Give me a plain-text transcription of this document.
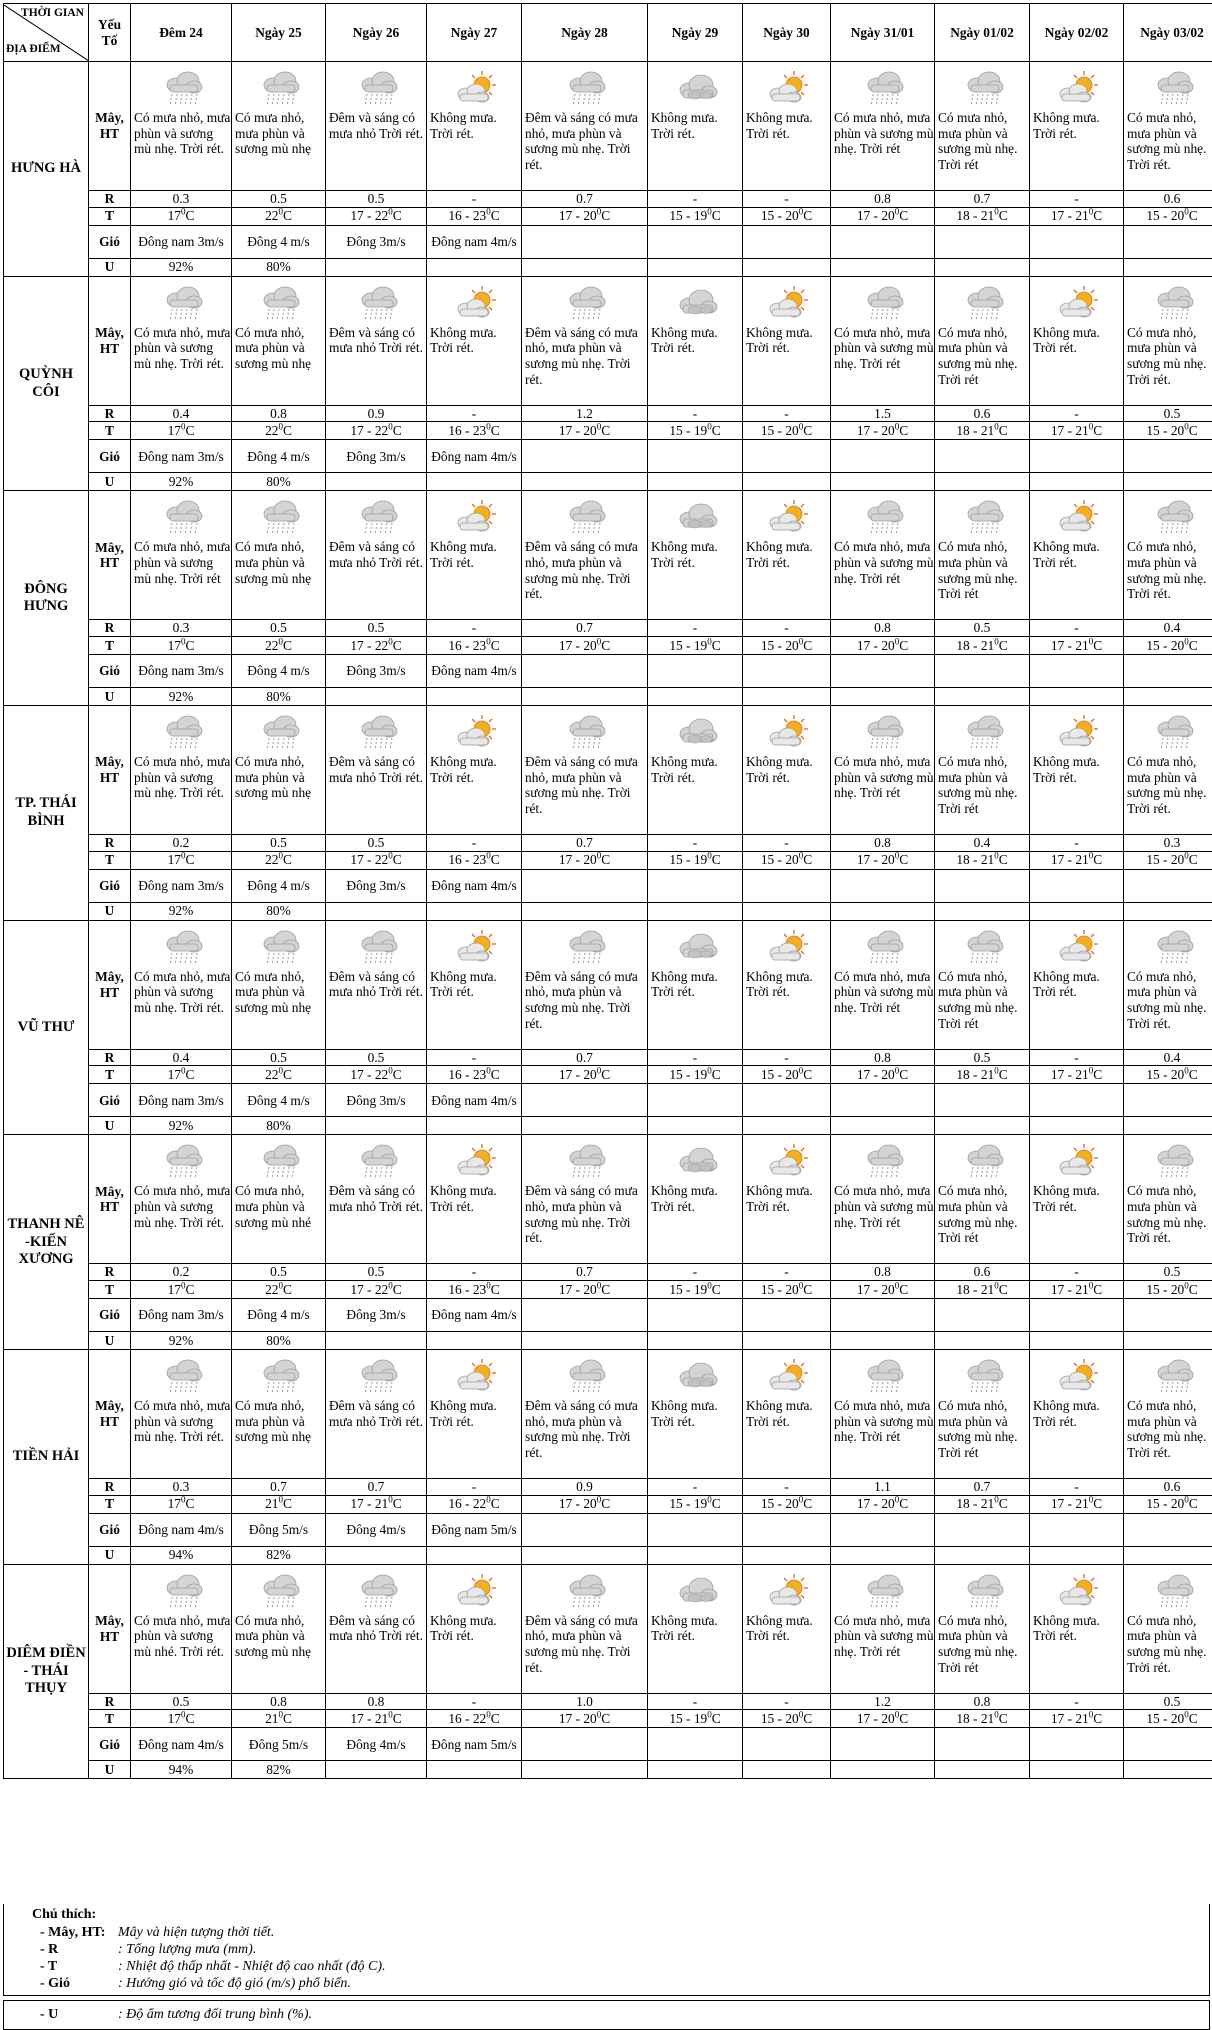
THỜI GIAN
ĐỊA ĐIỂM	Yếu Tố	Đêm 24	Ngày 25	Ngày 26	Ngày 27	Ngày 28	Ngày 29	Ngày 30	Ngày 31/01	Ngày 01/02	Ngày 02/02	Ngày 03/02
HƯNG HÀ	Mây, HT	Có mưa nhỏ, mưa phùn và sương mù nhẹ. Trời rét.	Có mưa nhỏ, mưa phùn và sương mù nhẹ	Đêm và sáng có mưa nhỏ Trời rét.	Không mưa. Trời rét.	Đêm và sáng có mưa nhỏ, mưa phùn và sương mù nhẹ. Trời rét.	Không mưa. Trời rét.	Không mưa. Trời rét.	Có mưa nhỏ, mưa phùn và sương mù nhẹ. Trời rét	Có mưa nhỏ, mưa phùn và sương mù nhẹ. Trời rét	Không mưa. Trời rét.	Có mưa nhỏ, mưa phùn và sương mù nhẹ. Trời rét.

	R	0.3	0.5	0.5	-	0.7	-	-	0.8	0.7	-	0.6
	T	$17^0C$	$22^0C$	$17 - 22^0C$	$16 - 23^0C$	$17 - 20^0C$	$15 - 19^0C$	$15 - 20^0C$	$17 - 20^0C$	$18 - 21^0C$	$17 - 21^0C$	$15 - 20^0C$
	Gió	Đông nam 3m/s	Đông 4 m/s	Đông 3m/s	Đông nam 4m/s							
	U	92%	80%									
QUỲNH CÔI	Mây, HT	Có mưa nhỏ, mưa phùn và sương mù nhẹ. Trời rét.	Có mưa nhỏ, mưa phùn và sương mù nhẹ	Đêm và sáng có mưa nhỏ Trời rét.	Không mưa. Trời rét.	Đêm và sáng có mưa nhỏ, mưa phùn và sương mù nhẹ. Trời rét.	Không mưa. Trời rét.	Không mưa. Trời rét.	Có mưa nhỏ, mưa phùn và sương mù nhẹ. Trời rét	Có mưa nhỏ, mưa phùn và sương mù nhẹ. Trời rét	Không mưa. Trời rét.	Có mưa nhỏ, mưa phùn và sương mù nhẹ. Trời rét.

	R	0.4	0.8	0.9	-	1.2	-	-	1.5	0.6	-	0.5
	T	$17^0C$	$22^0C$	$17 - 22^0C$	$16 - 23^0C$	$17 - 20^0C$	$15 - 19^0C$	$15 - 20^0C$	$17 - 20^0C$	$18 - 21^0C$	$17 - 21^0C$	$15 - 20^0C$
	Gió	Đông nam 3m/s	Đông 4 m/s	Đông 3m/s	Đông nam 4m/s							
	U	92%	80%									
ĐÔNG HƯNG	Mây, HT	Có mưa nhỏ, mưa phùn và sương mù nhẹ. Trời rét	Có mưa nhỏ, mưa phùn và sương mù nhẹ	Đêm và sáng có mưa nhỏ Trời rét.	Không mưa. Trời rét.	Đêm và sáng có mưa nhỏ, mưa phùn và sương mù nhẹ. Trời rét.	Không mưa. Trời rét.	Không mưa. Trời rét.	Có mưa nhỏ, mưa phùn và sương mù nhẹ. Trời rét	Có mưa nhỏ, mưa phùn và sương mù nhẹ. Trời rét	Không mưa. Trời rét.	Có mưa nhỏ, mưa phùn và sương mù nhẹ. Trời rét.

	R	0.3	0.5	0.5	-	0.7	-	-	0.8	0.5	-	0.4
	T	$17^0C$	$22^0C$	$17 - 22^0C$	$16 - 23^0C$	$17 - 20^0C$	$15 - 19^0C$	$15 - 20^0C$	$17 - 20^0C$	$18 - 21^0C$	$17 - 21^0C$	$15 - 20^0C$
	Gió	Đông nam 3m/s	Đông 4 m/s	Đông 3m/s	Đông nam 4m/s							
	U	92%	80%									
TP. THÁI BÌNH	Mây, HT	Có mưa nhỏ, mưa phùn và sương mù nhẹ. Trời rét.	Có mưa nhỏ, mưa phùn và sương mù nhẹ	Đêm và sáng có mưa nhỏ Trời rét.	Không mưa. Trời rét.	Đêm và sáng có mưa nhỏ, mưa phùn và sương mù nhẹ. Trời rét.	Không mưa. Trời rét.	Không mưa. Trời rét.	Có mưa nhỏ, mưa phùn và sương mù nhẹ. Trời rét	Có mưa nhỏ, mưa phùn và sương mù nhẹ. Trời rét	Không mưa. Trời rét.	Có mưa nhỏ, mưa phùn và sương mù nhẹ. Trời rét.

	R	0.2	0.5	0.5	-	0.7	-	-	0.8	0.4	-	0.3
	T	$17^0C$	$22^0C$	$17 - 22^0C$	$16 - 23^0C$	$17 - 20^0C$	$15 - 19^0C$	$15 - 20^0C$	$17 - 20^0C$	$18 - 21^0C$	$17 - 21^0C$	$15 - 20^0C$
	Gió	Đông nam 3m/s	Đông 4 m/s	Đông 3m/s	Đông nam 4m/s							
	U	92%	80%									
VŨ THƯ	Mây, HT	Có mưa nhỏ, mưa phùn và sương mù nhẹ. Trời rét.	Có mưa nhỏ, mưa phùn và sương mù nhẹ	Đêm và sáng có mưa nhỏ Trời rét.	Không mưa. Trời rét.	Đêm và sáng có mưa nhỏ, mưa phùn và sương mù nhẹ. Trời rét.	Không mưa. Trời rét.	Không mưa. Trời rét.	Có mưa nhỏ, mưa phùn và sương mù nhẹ. Trời rét	Có mưa nhỏ, mưa phùn và sương mù nhẹ. Trời rét	Không mưa. Trời rét.	Có mưa nhỏ, mưa phùn và sương mù nhẹ. Trời rét.

	R	0.4	0.5	0.5	-	0.7	-	-	0.8	0.5	-	0.4
	T	$17^0C$	$22^0C$	$17 - 22^0C$	$16 - 23^0C$	$17 - 20^0C$	$15 - 19^0C$	$15 - 20^0C$	$17 - 20^0C$	$18 - 21^0C$	$17 - 21^0C$	$15 - 20^0C$
	Gió	Đông nam 3m/s	Đông 4 m/s	Đông 3m/s	Đông nam 4m/s							
	U	92%	80%									
THANH NÊ -KIẾN XƯƠNG	Mây, HT	Có mưa nhỏ, mưa phùn và sương mù nhẹ. Trời rét.	Có mưa nhỏ, mưa phùn và sương mù nhé	Đêm và sáng có mưa nhỏ Trời rét.	Không mưa. Trời rét.	Đêm và sáng có mưa nhỏ, mưa phùn và sương mù nhẹ. Trời rét.	Không mưa. Trời rét.	Không mưa. Trời rét.	Có mưa nhỏ, mưa phùn và sương mù nhẹ. Trời rét	Có mưa nhỏ, mưa phùn và sương mù nhẹ. Trời rét	Không mưa. Trời rét.	Có mưa nhỏ, mưa phùn và sương mù nhẹ. Trời rét.

	R	0.2	0.5	0.5	-	0.7	-	-	0.8	0.6	-	0.5
	T	$17^0C$	$22^0C$	$17 - 22^0C$	$16 - 23^0C$	$17 - 20^0C$	$15 - 19^0C$	$15 - 20^0C$	$17 - 20^0C$	$18 - 21^0C$	$17 - 21^0C$	$15 - 20^0C$
	Gió	Đông nam 3m/s	Đông 4 m/s	Đông 3m/s	Đông nam 4m/s							
	U	92%	80%									
TIỀN HẢI	Mây, HT	Có mưa nhỏ, mưa phùn và sương mù nhẹ. Trời rét.	Có mưa nhỏ, mưa phùn và sương mù nhẹ	Đêm và sáng có mưa nhỏ Trời rét.	Không mưa. Trời rét.	Đêm và sáng có mưa nhỏ, mưa phùn và sương mù nhẹ. Trời rét.	Không mưa. Trời rét.	Không mưa. Trời rét.	Có mưa nhỏ, mưa phùn và sương mù nhẹ. Trời rét	Có mưa nhỏ, mưa phùn và sương mù nhẹ. Trời rét	Không mưa. Trời rét.	Có mưa nhỏ, mưa phùn và sương mù nhẹ. Trời rét.

	R	0.3	0.7	0.7	-	0.9	-	-	1.1	0.7	-	0.6
	T	$17^0C$	$21^0C$	$17 - 21^0C$	$16 - 22^0C$	$17 - 20^0C$	$15 - 19^0C$	$15 - 20^0C$	$17 - 20^0C$	$18 - 21^0C$	$17 - 21^0C$	$15 - 20^0C$
	Gió	Đông nam 4m/s	Đông 5m/s	Đông 4m/s	Đông nam 5m/s							
	U	94%	82%									
DIÊM ĐIỀN - THÁI THỤY	Mây, HT	Có mưa nhỏ, mưa phùn và sương mù nhé. Trời rét.	Có mưa nhỏ, mưa phùn và sương mù nhẹ	Đêm và sáng có mưa nhỏ Trời rét.	Không mưa. Trời rét.	Đêm và sáng có mưa nhỏ, mưa phùn và sương mù nhẹ. Trời rét.	Không mưa. Trời rét.	Không mưa. Trời rét.	Có mưa nhỏ, mưa phùn và sương mù nhẹ. Trời rét	Có mưa nhỏ, mưa phùn và sương mù nhẹ. Trời rét	Không mưa. Trời rét.	Có mưa nhỏ, mưa phùn và sương mù nhẹ. Trời rét.

	R	0.5	0.8	0.8	-	1.0	-	-	1.2	0.8	-	0.5
	T	$17^0C$	$21^0C$	$17 - 21^0C$	$16 - 22^0C$	$17 - 20^0C$	$15 - 19^0C$	$15 - 20^0C$	$17 - 20^0C$	$18 - 21^0C$	$17 - 21^0C$	$15 - 20^0C$
	Gió	Đông nam 4m/s	Đông 5m/s	Đông 4m/s	Đông nam 5m/s							
	U	94%	82%									
Chú thích:
- Mây, HT: Mây và hiện tượng thời tiết.
- R	: Tổng lượng mưa (mm).
- T	: Nhiệt độ thấp nhất - Nhiệt độ cao nhất (độ C).
- Gió	: Hướng gió và tốc độ gió (m/s) phổ biến.
- U	: Độ ẩm tương đối trung bình (%).
